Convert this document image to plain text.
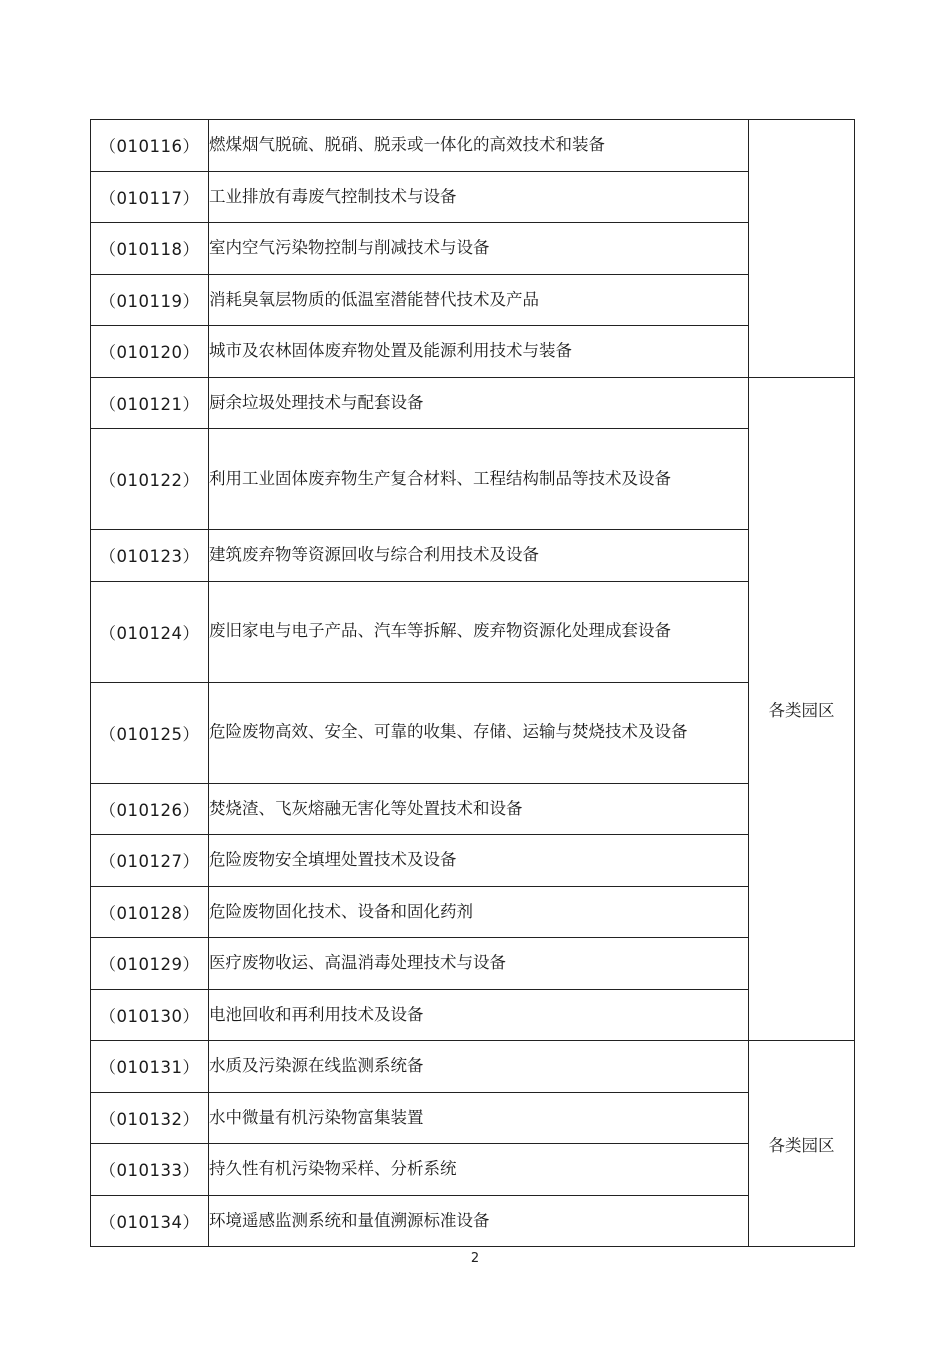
（010116）	燃煤烟气脱硫、脱硝、脱汞或一体化的高效技术和装备	
（010117）	工业排放有毒废气控制技术与设备	
（010118）	室内空气污染物控制与削减技术与设备	
（010119）	消耗臭氧层物质的低温室潜能替代技术及产品	
（010120）	城市及农林固体废弃物处置及能源利用技术与装备	
（010121）	厨余垃圾处理技术与配套设备	各类园区
（010122）	利用工业固体废弃物生产复合材料、工程结构制品等技术及设备	
（010123）	建筑废弃物等资源回收与综合利用技术及设备	
（010124）	废旧家电与电子产品、汽车等拆解、废弃物资源化处理成套设备	
（010125）	危险废物高效、安全、可靠的收集、存储、运输与焚烧技术及设备	
（010126）	焚烧渣、飞灰熔融无害化等处置技术和设备	
（010127）	危险废物安全填埋处置技术及设备	
（010128）	危险废物固化技术、设备和固化药剂	
（010129）	医疗废物收运、高温消毒处理技术与设备	
（010130）	电池回收和再利用技术及设备	
（010131）	水质及污染源在线监测系统备	各类园区
（010132）	水中微量有机污染物富集装置	
（010133）	持久性有机污染物采样、分析系统	
（010134）	环境遥感监测系统和量值溯源标准设备	
2
